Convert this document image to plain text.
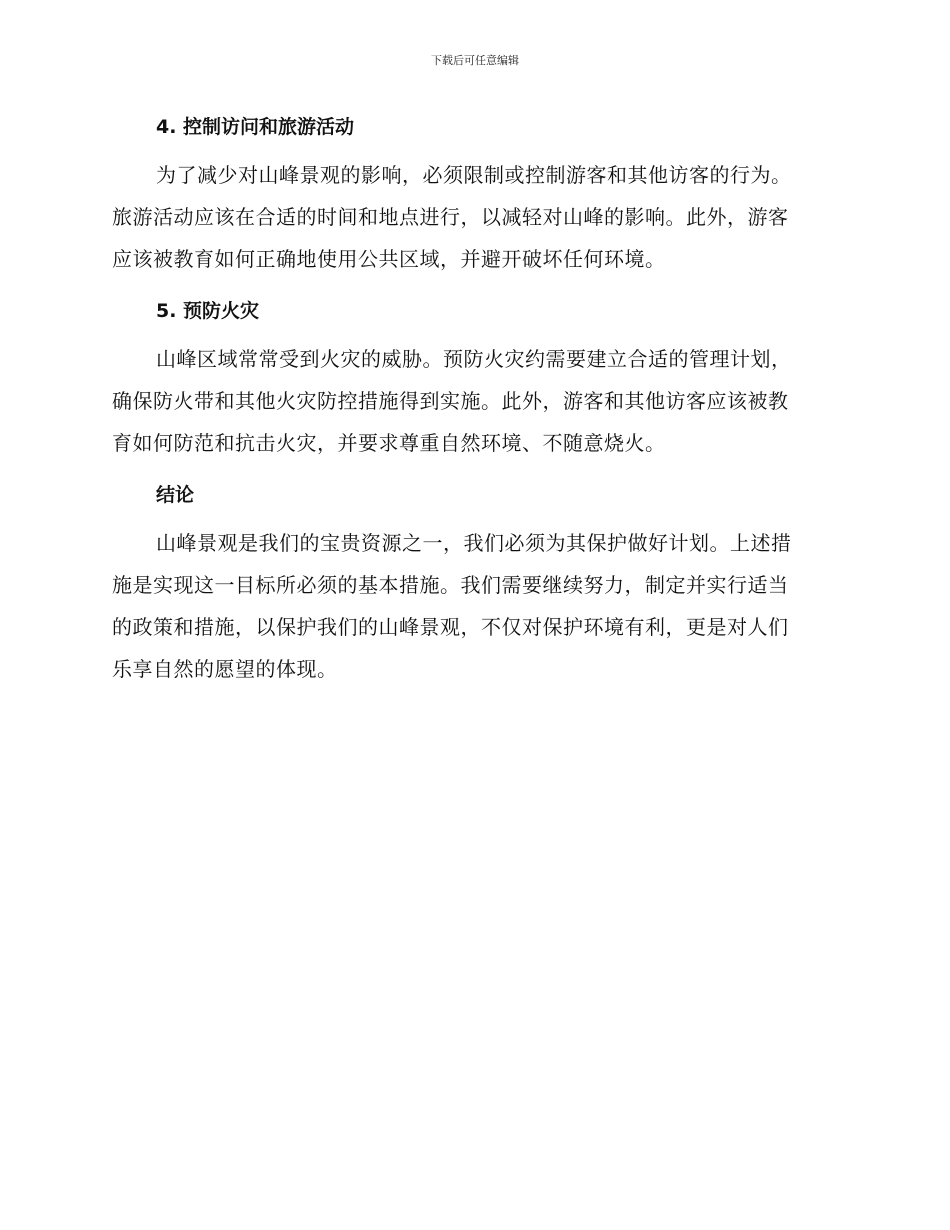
下载后可任意编辑
4. 控制访问和旅游活动

为了减少对山峰景观的影响，必须限制或控制游客和其他访客的行为。
旅游活动应该在合适的时间和地点进行，以减轻对山峰的影响。此外，游客
应该被教育如何正确地使用公共区域，并避开破坏任何环境。

5. 预防火灾

山峰区域常常受到火灾的威胁。预防火灾约需要建立合适的管理计划，
确保防火带和其他火灾防控措施得到实施。此外，游客和其他访客应该被教
育如何防范和抗击火灾，并要求尊重自然环境、不随意烧火。

结论

山峰景观是我们的宝贵资源之一，我们必须为其保护做好计划。上述措
施是实现这一目标所必须的基本措施。我们需要继续努力，制定并实行适当
的政策和措施，以保护我们的山峰景观，不仅对保护环境有利，更是对人们
乐享自然的愿望的体现。
